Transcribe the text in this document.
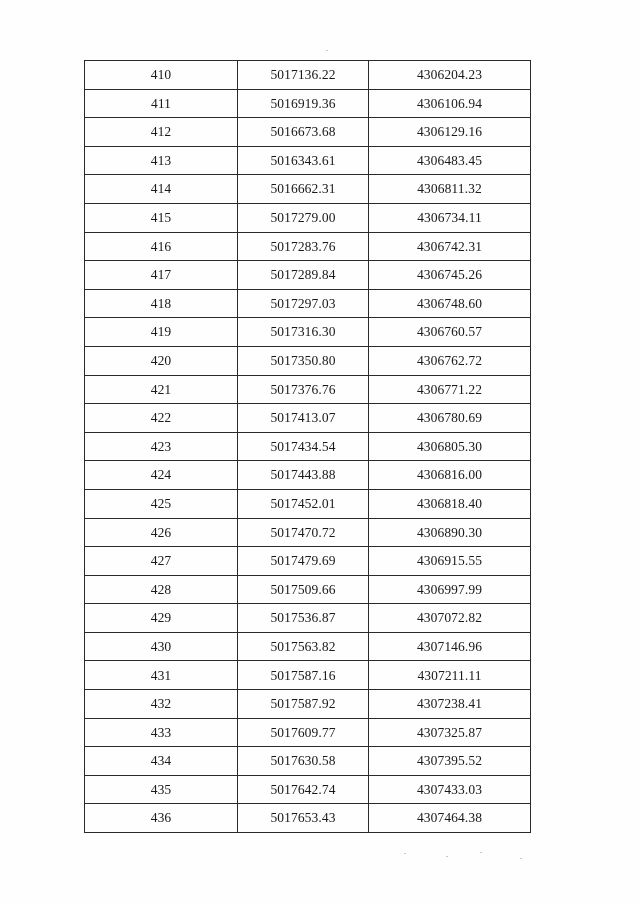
410	5017136.22	4306204.23
411	5016919.36	4306106.94
412	5016673.68	4306129.16
413	5016343.61	4306483.45
414	5016662.31	4306811.32
415	5017279.00	4306734.11
416	5017283.76	4306742.31
417	5017289.84	4306745.26
418	5017297.03	4306748.60
419	5017316.30	4306760.57
420	5017350.80	4306762.72
421	5017376.76	4306771.22
422	5017413.07	4306780.69
423	5017434.54	4306805.30
424	5017443.88	4306816.00
425	5017452.01	4306818.40
426	5017470.72	4306890.30
427	5017479.69	4306915.55
428	5017509.66	4306997.99
429	5017536.87	4307072.82
430	5017563.82	4307146.96
431	5017587.16	4307211.11
432	5017587.92	4307238.41
433	5017609.77	4307325.87
434	5017630.58	4307395.52
435	5017642.74	4307433.03
436	5017653.43	4307464.38
